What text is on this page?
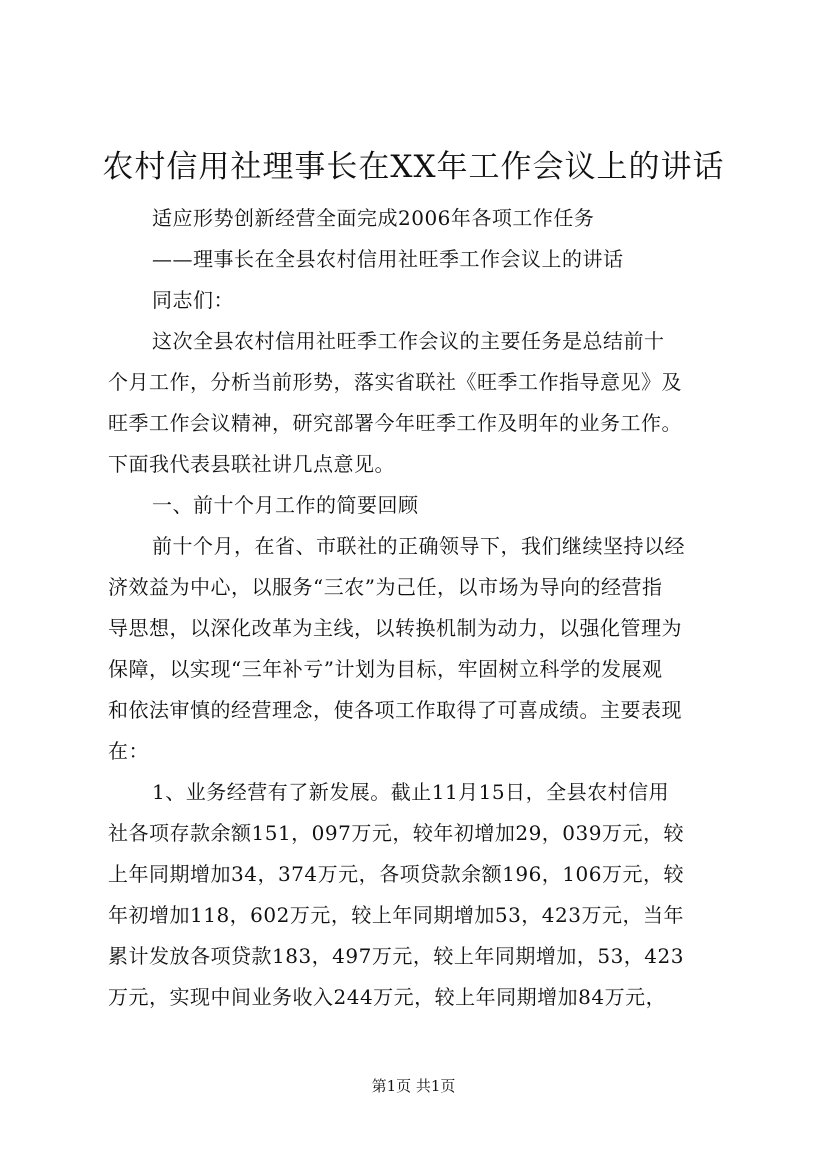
农村信用社理事长在XX年工作会议上的讲话
适应形势创新经营全面完成2006年各项工作任务
——理事长在全县农村信用社旺季工作会议上的讲话
同志们：
这次全县农村信用社旺季工作会议的主要任务是总结前十
个月工作，分析当前形势，落实省联社《旺季工作指导意见》及
旺季工作会议精神，研究部署今年旺季工作及明年的业务工作。
下面我代表县联社讲几点意见。
一、前十个月工作的简要回顾
前十个月，在省、市联社的正确领导下，我们继续坚持以经
济效益为中心，以服务“三农”为己任，以市场为导向的经营指
导思想，以深化改革为主线，以转换机制为动力，以强化管理为
保障，以实现“三年补亏”计划为目标，牢固树立科学的发展观
和依法审慎的经营理念，使各项工作取得了可喜成绩。主要表现
在：
1、业务经营有了新发展。截止11月15日，全县农村信用
社各项存款余额151，097万元，较年初增加29，039万元，较
上年同期增加34，374万元，各项贷款余额196，106万元，较
年初增加118，602万元，较上年同期增加53，423万元，当年
累计发放各项贷款183，497万元，较上年同期增加，53，423
万元，实现中间业务收入244万元，较上年同期增加84万元，
第1页 共1页
